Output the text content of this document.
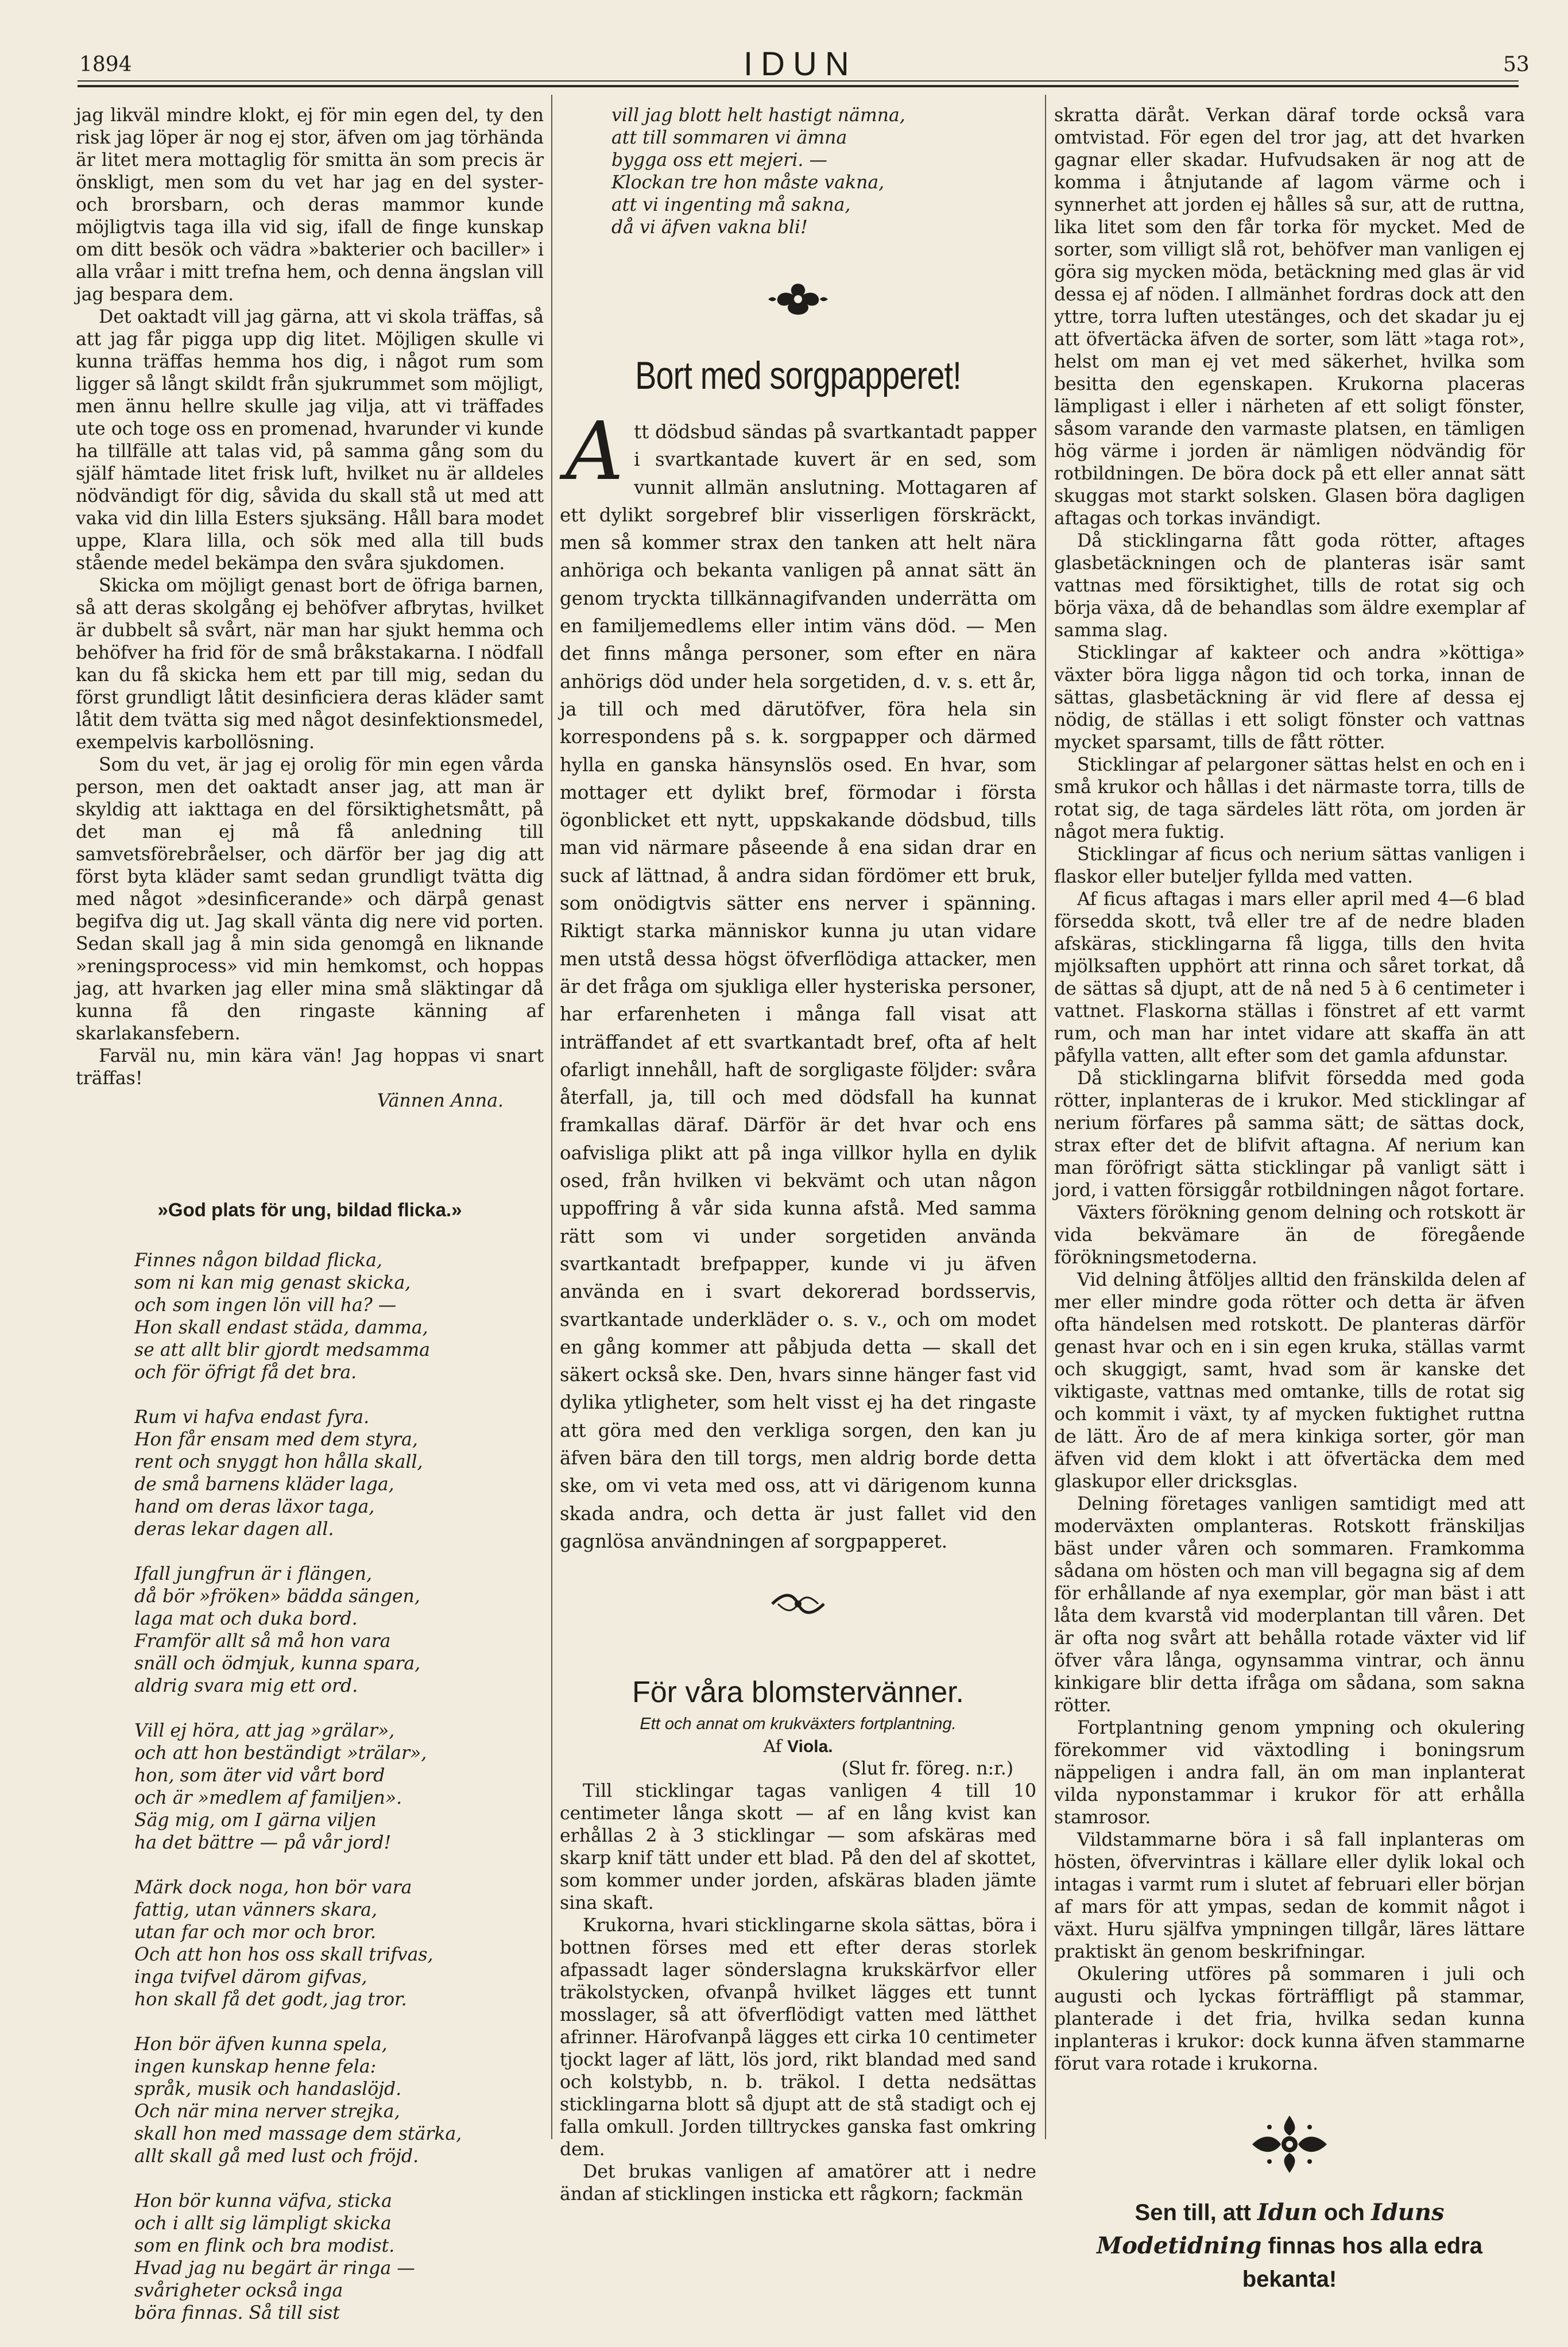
1894	IDUN	53

jag likväl mindre klokt, ej för min egen del, ty den risk jag löper är nog ej stor, äfven om jag törhända är litet mera mottaglig för smitta än som precis är önskligt, men som du vet har jag en del syster- och brorsbarn, och deras mammor kunde möjligtvis taga illa vid sig, ifall de finge kunskap om ditt besök och vädra »bakterier och baciller» i alla vråar i mitt trefna hem, och denna ängslan vill jag bespara dem.

Det oaktadt vill jag gärna, att vi skola träffas, så att jag får pigga upp dig litet. Möjligen skulle vi kunna träffas hemma hos dig, i något rum som ligger så långt skildt från sjukrummet som möjligt, men ännu hellre skulle jag vilja, att vi träffades ute och toge oss en promenad, hvarunder vi kunde ha tillfälle att talas vid, på samma gång som du själf hämtade litet frisk luft, hvilket nu är alldeles nödvändigt för dig, såvida du skall stå ut med att vaka vid din lilla Esters sjuksäng. Håll bara modet uppe, Klara lilla, och sök med alla till buds stående medel bekämpa den svåra sjukdomen.

Skicka om möjligt genast bort de öfriga barnen, så att deras skolgång ej behöfver afbrytas, hvilket är dubbelt så svårt, när man har sjukt hemma och behöfver ha frid för de små bråkstakarna. I nödfall kan du få skicka hem ett par till mig, sedan du först grundligt låtit desinficiera deras kläder samt låtit dem tvätta sig med något desinfektionsmedel, exempelvis karbollösning.

Som du vet, är jag ej orolig för min egen vårda person, men det oaktadt anser jag, att man är skyldig att iakttaga en del försiktighetsmått, på det man ej må få anledning till samvetsförebråelser, och därför ber jag dig att först byta kläder samt sedan grundligt tvätta dig med något »desinficerande» och därpå genast begifva dig ut. Jag skall vänta dig nere vid porten. Sedan skall jag å min sida genomgå en liknande »reningsprocess» vid min hemkomst, och hoppas jag, att hvarken jag eller mina små släktingar då kunna få den ringaste känning af skarlakansfebern.

Farväl nu, min kära vän! Jag hoppas vi snart träffas!

Vännen Anna.

»God plats för ung, bildad flicka.»
Finnes någon bildad flicka,
som ni kan mig genast skicka,
och som ingen lön vill ha? —
Hon skall endast städa, damma,
se att allt blir gjordt medsamma
och för öfrigt få det bra.
Rum vi hafva endast fyra.
Hon får ensam med dem styra,
rent och snyggt hon hålla skall,
de små barnens kläder laga,
hand om deras läxor taga,
deras lekar dagen all.
Ifall jungfrun är i flängen,
då bör »fröken» bädda sängen,
laga mat och duka bord.
Framför allt så må hon vara
snäll och ödmjuk, kunna spara,
aldrig svara mig ett ord.
Vill ej höra, att jag »grälar»,
och att hon beständigt »trälar»,
hon, som äter vid vårt bord
och är »medlem af familjen».
Säg mig, om I gärna viljen
ha det bättre — på vår jord!
Märk dock noga, hon bör vara
fattig, utan vänners skara,
utan far och mor och bror.
Och att hon hos oss skall trifvas,
inga tvifvel därom gifvas,
hon skall få det godt, jag tror.
Hon bör äfven kunna spela,
ingen kunskap henne fela:
språk, musik och handaslöjd.
Och när mina nerver strejka,
skall hon med massage dem stärka,
allt skall gå med lust och fröjd.
Hon bör kunna väfva, sticka
och i allt sig lämpligt skicka
som en flink och bra modist.
Hvad jag nu begärt är ringa —
svårigheter också inga
böra finnas. Så till sist
vill jag blott helt hastigt nämna,
att till sommaren vi ämna
bygga oss ett mejeri. —
Klockan tre hon måste vakna,
att vi ingenting må sakna,
då vi äfven vakna bli!
Bort med sorgpapperet!
A tt dödsbud sändas på svartkantadt papper i svartkantade kuvert är en sed, som vunnit allmän anslutning. Mottagaren af ett dylikt sorgebref blir visserligen förskräckt, men så kommer strax den tanken att helt nära anhöriga och bekanta vanligen på annat sätt än genom tryckta tillkännagifvanden underrätta om en familjemedlems eller intim väns död. — Men det finns många personer, som efter en nära anhörigs död under hela sorgetiden, d. v. s. ett år, ja till och med därutöfver, föra hela sin korrespondens på s. k. sorgpapper och därmed hylla en ganska hänsynslös osed. En hvar, som mottager ett dylikt bref, förmodar i första ögonblicket ett nytt, uppskakande dödsbud, tills man vid närmare påseende å ena sidan drar en suck af lättnad, å andra sidan fördömer ett bruk, som onödigtvis sätter ens nerver i spänning. Riktigt starka människor kunna ju utan vidare men utstå dessa högst öfverflödiga attacker, men är det fråga om sjukliga eller hysteriska personer, har erfarenheten i många fall visat att inträffandet af ett svartkantadt bref, ofta af helt ofarligt innehåll, haft de sorgligaste följder: svåra återfall, ja, till och med dödsfall ha kunnat framkallas däraf. Därför är det hvar och ens oafvisliga plikt att på inga villkor hylla en dylik osed, från hvilken vi bekvämt och utan någon uppoffring å vår sida kunna afstå. Med samma rätt som vi under sorgetiden använda svartkantadt brefpapper, kunde vi ju äfven använda en i svart dekorerad bordsservis, svartkantade underkläder o. s. v., och om modet en gång kommer att påbjuda detta — skall det säkert också ske. Den, hvars sinne hänger fast vid dylika ytligheter, som helt visst ej ha det ringaste att göra med den verkliga sorgen, den kan ju äfven bära den till torgs, men aldrig borde detta ske, om vi veta med oss, att vi därigenom kunna skada andra, och detta är just fallet vid den gagnlösa användningen af sorgpapperet.

För våra blomstervänner.

Ett och annat om krukväxters fortplantning.

Af Viola.

(Slut fr. föreg. n:r.)

Till sticklingar tagas vanligen 4 till 10 centimeter långa skott — af en lång kvist kan erhållas 2 à 3 sticklingar — som afskäras med skarp knif tätt under ett blad. På den del af skottet, som kommer under jorden, afskäras bladen jämte sina skaft.

Krukorna, hvari sticklingarne skola sättas, böra i bottnen förses med ett efter deras storlek afpassadt lager sönderslagna krukskärfvor eller träkolstycken, ofvanpå hvilket lägges ett tunnt mosslager, så att öfverflödigt vatten med lätthet afrinner. Härofvanpå lägges ett cirka 10 centimeter tjockt lager af lätt, lös jord, rikt blandad med sand och kolstybb, n. b. träkol. I detta nedsättas sticklingarna blott så djupt att de stå stadigt och ej falla omkull. Jorden tilltryckes ganska fast omkring dem.

Det brukas vanligen af amatörer att i nedre ändan af sticklingen insticka ett rågkorn; fackmän

skratta däråt. Verkan däraf torde också vara omtvistad. För egen del tror jag, att det hvarken gagnar eller skadar. Hufvudsaken är nog att de komma i åtnjutande af lagom värme och i synnerhet att jorden ej hålles så sur, att de ruttna, lika litet som den får torka för mycket. Med de sorter, som villigt slå rot, behöfver man vanligen ej göra sig mycken möda, betäckning med glas är vid dessa ej af nöden. I allmänhet fordras dock att den yttre, torra luften utestänges, och det skadar ju ej att öfvertäcka äfven de sorter, som lätt »taga rot», helst om man ej vet med säkerhet, hvilka som besitta den egenskapen. Krukorna placeras lämpligast i eller i närheten af ett soligt fönster, såsom varande den varmaste platsen, en tämligen hög värme i jorden är nämligen nödvändig för rotbildningen. De böra dock på ett eller annat sätt skuggas mot starkt solsken. Glasen böra dagligen aftagas och torkas invändigt.

Då sticklingarna fått goda rötter, aftages glasbetäckningen och de planteras isär samt vattnas med försiktighet, tills de rotat sig och börja växa, då de behandlas som äldre exemplar af samma slag.

Sticklingar af kakteer och andra »köttiga» växter böra ligga någon tid och torka, innan de sättas, glasbetäckning är vid flere af dessa ej nödig, de ställas i ett soligt fönster och vattnas mycket sparsamt, tills de fått rötter.

Sticklingar af pelargoner sättas helst en och en i små krukor och hållas i det närmaste torra, tills de rotat sig, de taga särdeles lätt röta, om jorden är något mera fuktig.

Sticklingar af ficus och nerium sättas vanligen i flaskor eller buteljer fyllda med vatten.

Af ficus aftagas i mars eller april med 4—6 blad försedda skott, två eller tre af de nedre bladen afskäras, sticklingarna få ligga, tills den hvita mjölksaften upphört att rinna och såret torkat, då de sättas så djupt, att de nå ned 5 à 6 centimeter i vattnet. Flaskorna ställas i fönstret af ett varmt rum, och man har intet vidare att skaffa än att påfylla vatten, allt efter som det gamla afdunstar.

Då sticklingarna blifvit försedda med goda rötter, inplanteras de i krukor. Med sticklingar af nerium förfares på samma sätt; de sättas dock, strax efter det de blifvit aftagna. Af nerium kan man föröfrigt sätta sticklingar på vanligt sätt i jord, i vatten försiggår rotbildningen något fortare.

Växters förökning genom delning och rotskott är vida bekvämare än de föregående förökningsmetoderna.

Vid delning åtföljes alltid den fränskilda delen af mer eller mindre goda rötter och detta är äfven ofta händelsen med rotskott. De planteras därför genast hvar och en i sin egen kruka, ställas varmt och skuggigt, samt, hvad som är kanske det viktigaste, vattnas med omtanke, tills de rotat sig och kommit i växt, ty af mycken fuktighet ruttna de lätt. Äro de af mera kinkiga sorter, gör man äfven vid dem klokt i att öfvertäcka dem med glaskupor eller dricksglas.

Delning företages vanligen samtidigt med att moderväxten omplanteras. Rotskott fränskiljas bäst under våren och sommaren. Framkomma sådana om hösten och man vill begagna sig af dem för erhållande af nya exemplar, gör man bäst i att låta dem kvarstå vid moderplantan till våren. Det är ofta nog svårt att behålla rotade växter vid lif öfver våra långa, ogynsamma vintrar, och ännu kinkigare blir detta ifråga om sådana, som sakna rötter.

Fortplantning genom ympning och okulering förekommer vid växtodling i boningsrum näppeligen i andra fall, än om man inplanterat vilda nyponstammar i krukor för att erhålla stamrosor.

Vildstammarne böra i så fall inplanteras om hösten, öfvervintras i källare eller dylik lokal och intagas i varmt rum i slutet af februari eller början af mars för att ympas, sedan de kommit något i växt. Huru själfva ympningen tillgår, läres lättare praktiskt än genom beskrifningar.

Okulering utföres på sommaren i juli och augusti och lyckas förträffligt på stammar, planterade i det fria, hvilka sedan kunna inplanteras i krukor: dock kunna äfven stammarne förut vara rotade i krukorna.

Sen till, att Idun och Iduns Modetidning finnas hos alla edra bekanta!
